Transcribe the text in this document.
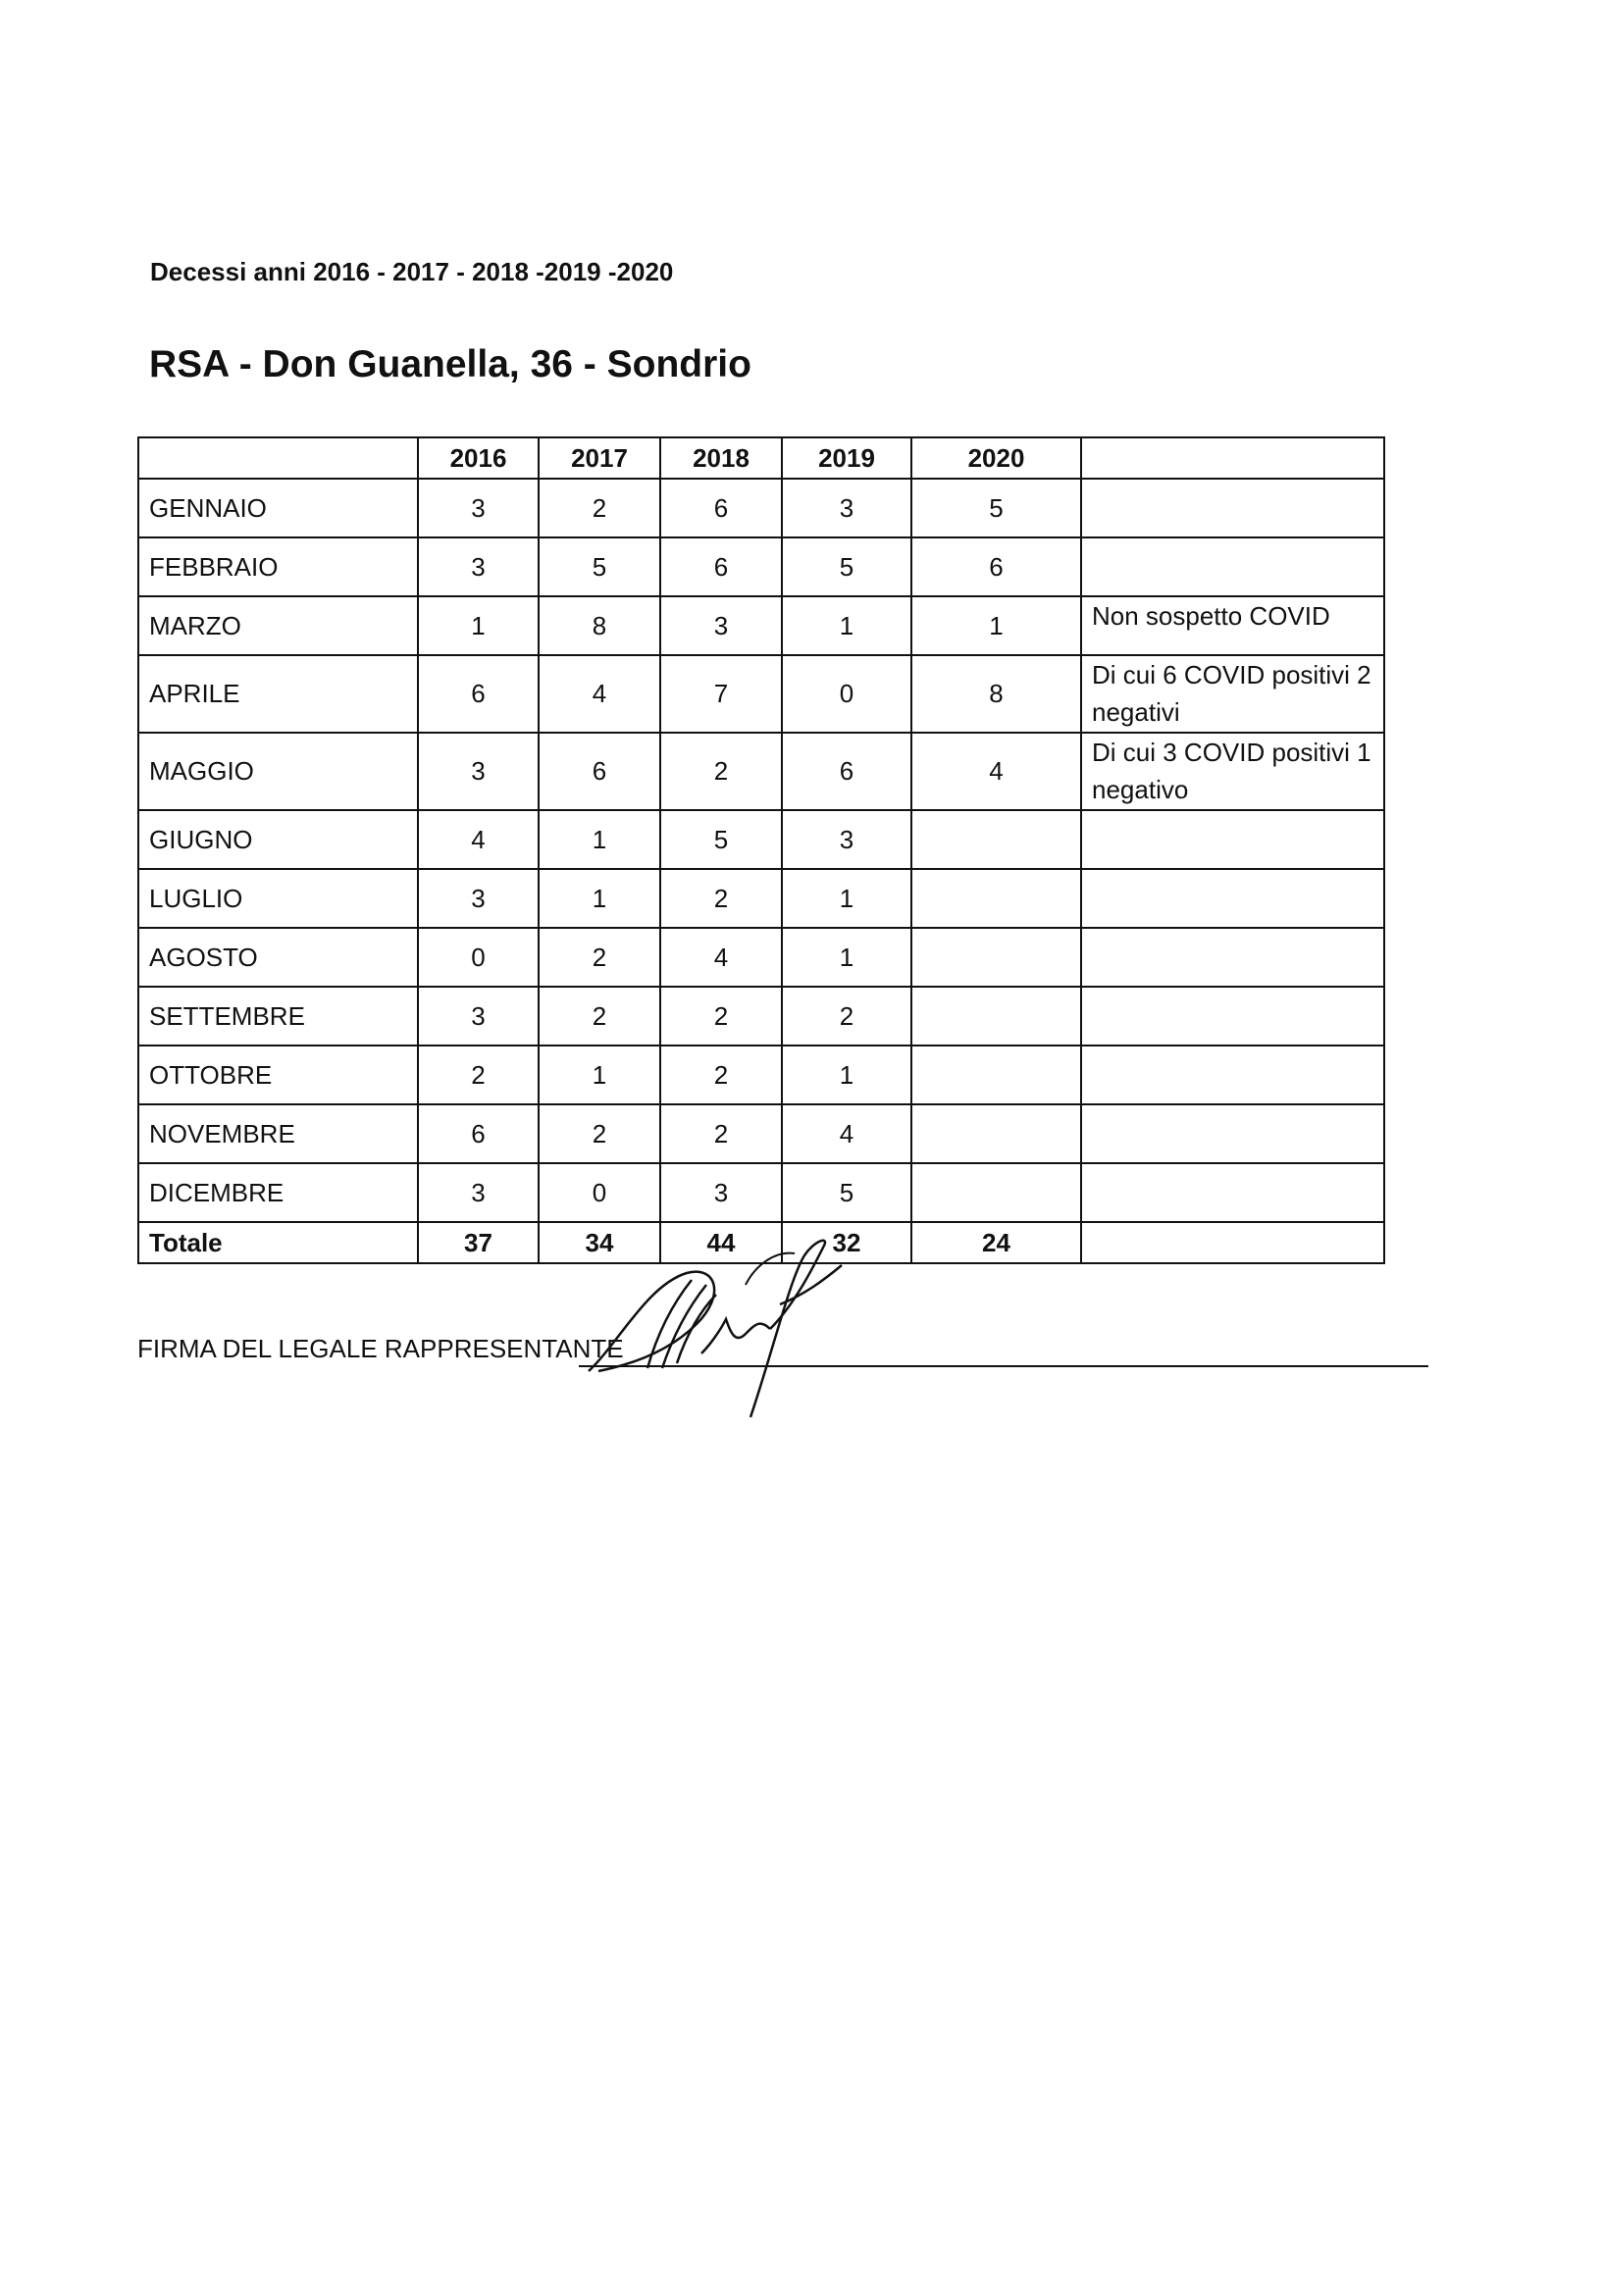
Decessi anni 2016 - 2017 - 2018 -2019 -2020
RSA - Don Guanella, 36 - Sondrio
	2016	2017	2018	2019	2020	
GENNAIO	3	2	6	3	5	
FEBBRAIO	3	5	6	5	6	
MARZO	1	8	3	1	1	Non sospetto COVID
APRILE	6	4	7	0	8	Di cui 6 COVID positivi 2 negativi
MAGGIO	3	6	2	6	4	Di cui 3 COVID positivi 1 negativo
GIUGNO	4	1	5	3		
LUGLIO	3	1	2	1		
AGOSTO	0	2	4	1		
SETTEMBRE	3	2	2	2		
OTTOBRE	2	1	2	1		
NOVEMBRE	6	2	2	4		
DICEMBRE	3	0	3	5		
Totale	37	34	44	32	24	
FIRMA DEL LEGALE RAPPRESENTANTE
